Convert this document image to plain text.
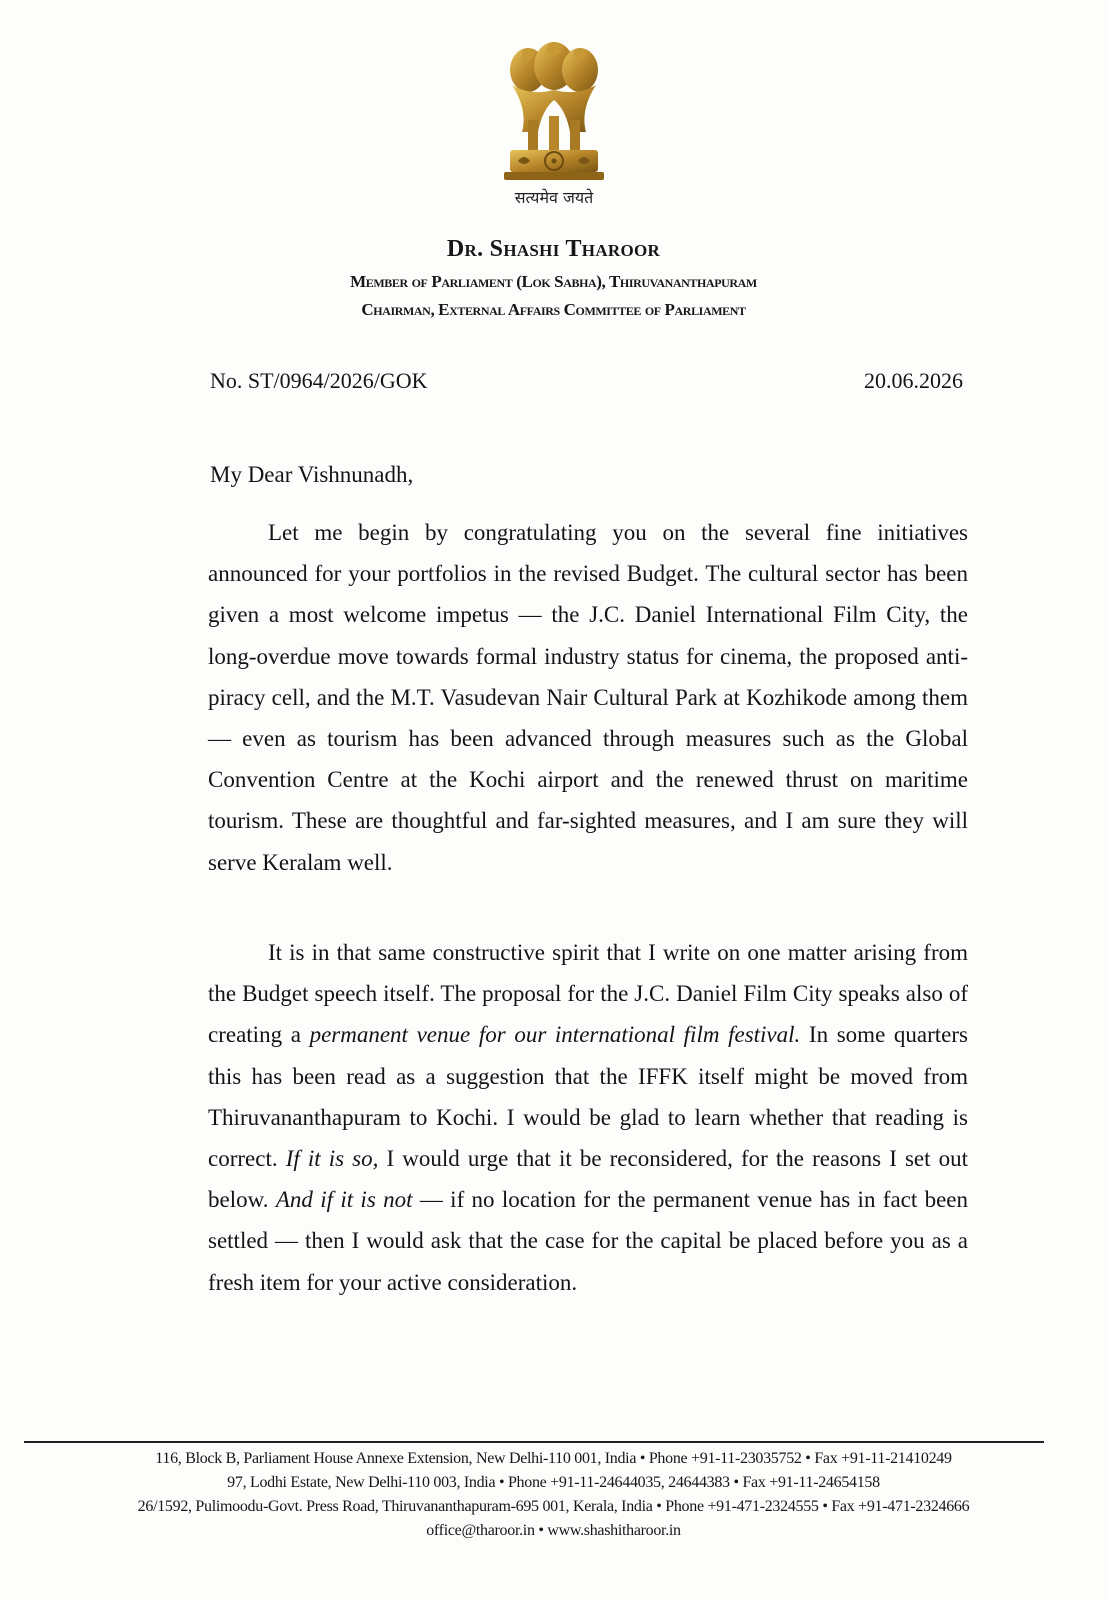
सत्यमेव जयते
Dr. Shashi Tharoor
Member of Parliament (Lok Sabha), Thiruvananthapuram
Chairman, External Affairs Committee of Parliament
No. ST/0964/2026/GOK	20.06.2026
My Dear Vishnunadh,

Let me begin by congratulating you on the several fine initiatives announced for your portfolios in the revised Budget. The cultural sector has been given a most welcome impetus — the J.C. Daniel International Film City, the long-overdue move towards formal industry status for cinema, the proposed anti-piracy cell, and the M.T. Vasudevan Nair Cultural Park at Kozhikode among them — even as tourism has been advanced through measures such as the Global Convention Centre at the Kochi airport and the renewed thrust on maritime tourism. These are thoughtful and far-sighted measures, and I am sure they will serve Keralam well.

It is in that same constructive spirit that I write on one matter arising from the Budget speech itself. The proposal for the J.C. Daniel Film City speaks also of creating a permanent venue for our international film festival. In some quarters this has been read as a suggestion that the IFFK itself might be moved from Thiruvananthapuram to Kochi. I would be glad to learn whether that reading is correct. If it is so, I would urge that it be reconsidered, for the reasons I set out below. And if it is not — if no location for the permanent venue has in fact been settled — then I would ask that the case for the capital be placed before you as a fresh item for your active consideration.

116, Block B, Parliament House Annexe Extension, New Delhi-110 001, India • Phone +91-11-23035752 • Fax +91-11-21410249
97, Lodhi Estate, New Delhi-110 003, India • Phone +91-11-24644035, 24644383 • Fax +91-11-24654158
26/1592, Pulimoodu-Govt. Press Road, Thiruvananthapuram-695 001, Kerala, India • Phone +91-471-2324555 • Fax +91-471-2324666
office@tharoor.in • www.shashitharoor.in
